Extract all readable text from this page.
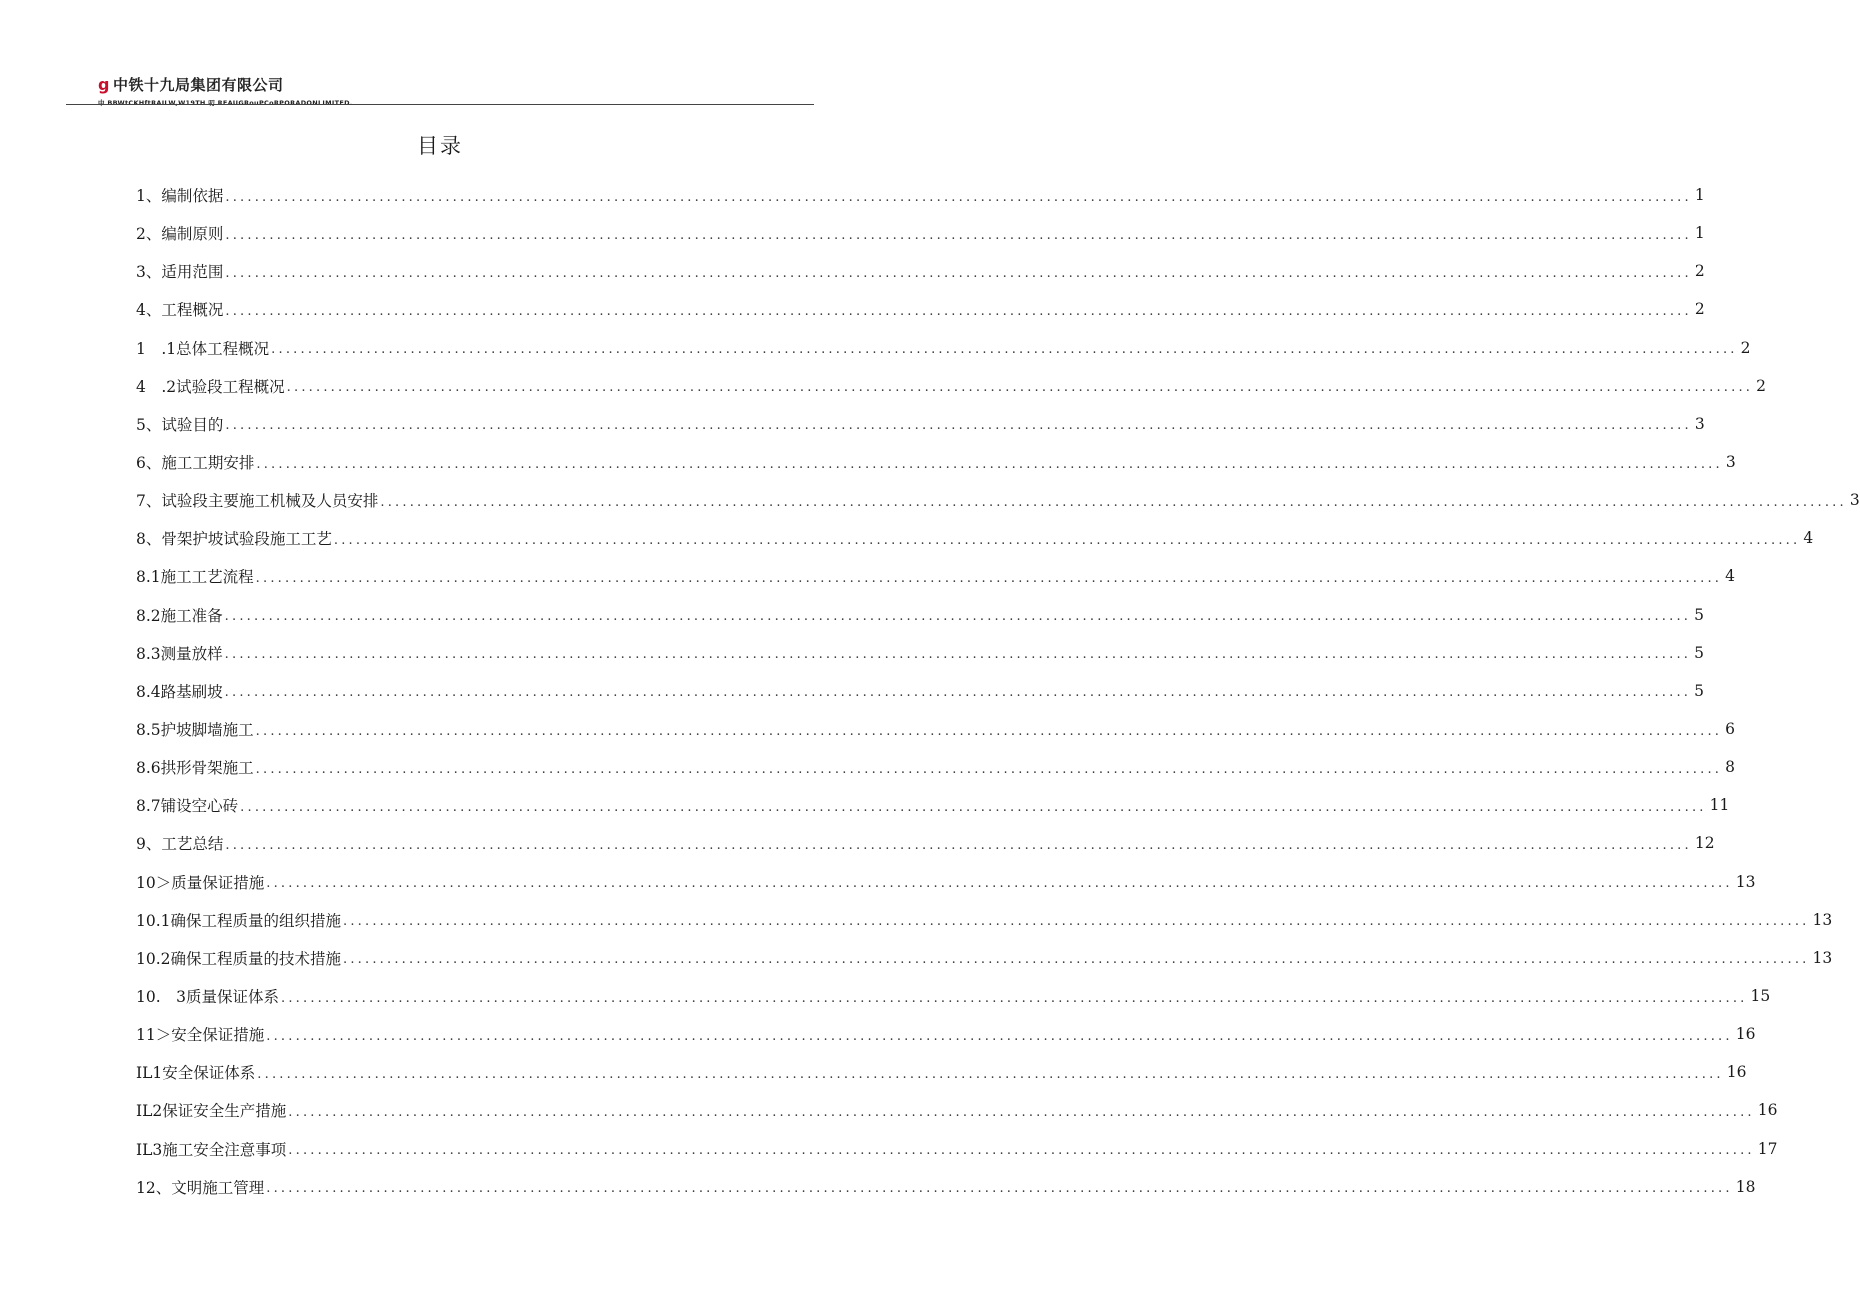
g 中铁十九局集团有限公司
中 BBWtCKHftRAILW,W19TH 叨 REAUGRouPCoRPORADONLIMITED.
目录
1、编制依据 ........................................................................................................................................................................................................ 1
2、编制原则 ........................................................................................................................................................................................................ 1
3、适用范围 ........................................................................................................................................................................................................ 2
4、工程概况 ........................................................................................................................................................................................................ 2
1　.1总体工程概况 ........................................................................................................................................................................................................ 2
4　.2试验段工程概况 ........................................................................................................................................................................................................ 2
5、试验目的 ........................................................................................................................................................................................................ 3
6、施工工期安排 ........................................................................................................................................................................................................ 3
7、试验段主要施工机械及人员安排 ........................................................................................................................................................................................................ 3
8、骨架护坡试验段施工工艺 ........................................................................................................................................................................................................ 4
8.1施工工艺流程 ........................................................................................................................................................................................................ 4
8.2施工准备 ........................................................................................................................................................................................................ 5
8.3测量放样 ........................................................................................................................................................................................................ 5
8.4路基刷坡 ........................................................................................................................................................................................................ 5
8.5护坡脚墙施工 ........................................................................................................................................................................................................ 6
8.6拱形骨架施工 ........................................................................................................................................................................................................ 8
8.7铺设空心砖 ........................................................................................................................................................................................................ 11
9、工艺总结 ........................................................................................................................................................................................................ 12
10＞质量保证措施 ........................................................................................................................................................................................................ 13
10.1确保工程质量的组织措施 ........................................................................................................................................................................................................ 13
10.2确保工程质量的技术措施 ........................................................................................................................................................................................................ 13
10.　3质量保证体系 ........................................................................................................................................................................................................ 15
11＞安全保证措施 ........................................................................................................................................................................................................ 16
IL1安全保证体系 ........................................................................................................................................................................................................ 16
IL2保证安全生产措施 ........................................................................................................................................................................................................ 16
IL3施工安全注意事项 ........................................................................................................................................................................................................ 17
12、文明施工管理 ........................................................................................................................................................................................................ 18
